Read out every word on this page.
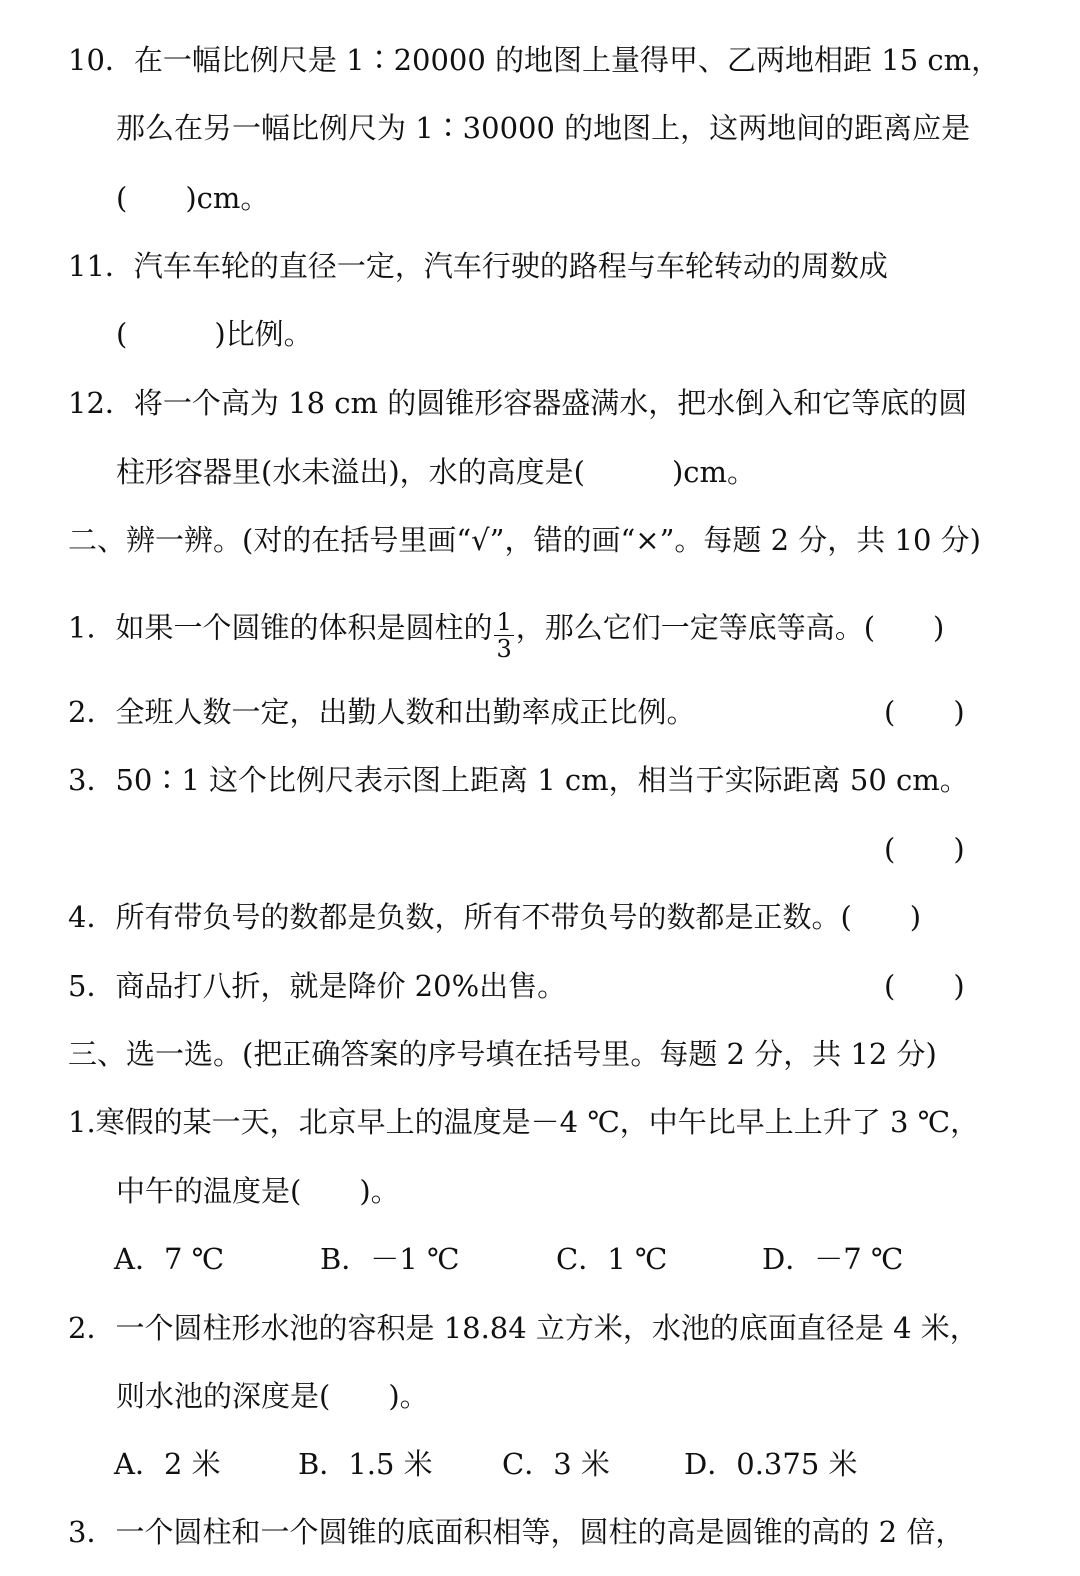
10．在一幅比例尺是 1∶20000 的地图上量得甲、乙两地相距 15 cm，
那么在另一幅比例尺为 1∶30000 的地图上，这两地间的距离应是
(　　)cm。
11．汽车车轮的直径一定，汽车行驶的路程与车轮转动的周数成
(　　　)比例。
12．将一个高为 18 cm 的圆锥形容器盛满水，把水倒入和它等底的圆
柱形容器里(水未溢出)，水的高度是(　　　)cm。
二、辨一辨。(对的在括号里画“√”，错的画“×”。每题 2 分，共 10 分)
1．如果一个圆锥的体积是圆柱的 $\frac{1}{3}$ ，那么它们一定等底等高。(　　)
2．全班人数一定，出勤人数和出勤率成正比例。	(　　)
3．50∶1 这个比例尺表示图上距离 1 cm，相当于实际距离 50 cm。
(　　)
4．所有带负号的数都是负数，所有不带负号的数都是正数。(　　)
5．商品打八折，就是降价 20%出售。	(　　)
三、选一选。(把正确答案的序号填在括号里。每题 2 分，共 12 分)
1.寒假的某一天，北京早上的温度是－4 ℃，中午比早上上升了 3 ℃，
中午的温度是(　　)。
A．7 ℃	B．－1 ℃	C．1 ℃	D．－7 ℃
2．一个圆柱形水池的容积是 18.84 立方米，水池的底面直径是 4 米，
则水池的深度是(　　)。
A．2 米	B．1.5 米 C．3 米	D．0.375 米
3．一个圆柱和一个圆锥的底面积相等，圆柱的高是圆锥的高的 2 倍，
